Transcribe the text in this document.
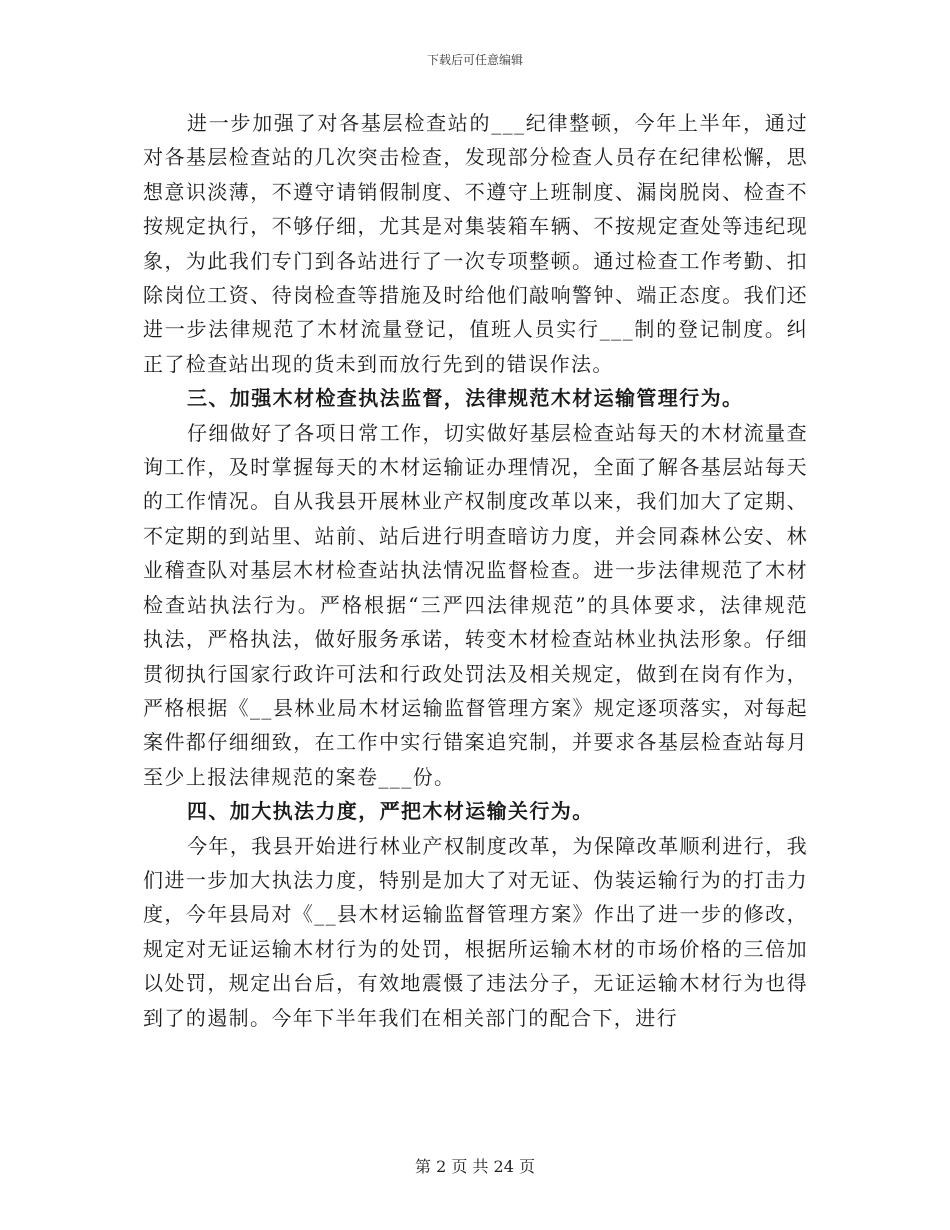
下载后可任意编辑

进一步加强了对各基层检查站的___纪律整顿，今年上半年，通过对各基层检查站的几次突击检查，发现部分检查人员存在纪律松懈，思想意识淡薄，不遵守请销假制度、不遵守上班制度、漏岗脱岗、检查不按规定执行，不够仔细，尤其是对集装箱车辆、不按规定查处等违纪现象，为此我们专门到各站进行了一次专项整顿。通过检查工作考勤、扣除岗位工资、待岗检查等措施及时给他们敲响警钟、端正态度。我们还进一步法律规范了木材流量登记，值班人员实行___制的登记制度。纠正了检查站出现的货未到而放行先到的错误作法。

三、加强木材检查执法监督，法律规范木材运输管理行为。

仔细做好了各项日常工作，切实做好基层检查站每天的木材流量查询工作，及时掌握每天的木材运输证办理情况，全面了解各基层站每天的工作情况。自从我县开展林业产权制度改革以来，我们加大了定期、不定期的到站里、站前、站后进行明查暗访力度，并会同森林公安、林业稽查队对基层木材检查站执法情况监督检查。进一步法律规范了木材检查站执法行为。严格根据“三严四法律规范”的具体要求，法律规范执法，严格执法，做好服务承诺，转变木材检查站林业执法形象。仔细贯彻执行国家行政许可法和行政处罚法及相关规定，做到在岗有作为，严格根据《__县林业局木材运输监督管理方案》规定逐项落实，对每起案件都仔细细致，在工作中实行错案追究制，并要求各基层检查站每月至少上报法律规范的案卷___份。

四、加大执法力度，严把木材运输关行为。

今年，我县开始进行林业产权制度改革，为保障改革顺利进行，我们进一步加大执法力度，特别是加大了对无证、伪装运输行为的打击力度，今年县局对《__县木材运输监督管理方案》作出了进一步的修改，规定对无证运输木材行为的处罚，根据所运输木材的市场价格的三倍加以处罚，规定出台后，有效地震慑了违法分子，无证运输木材行为也得到了的遏制。今年下半年我们在相关部门的配合下，进行

第 2 页 共 24 页
